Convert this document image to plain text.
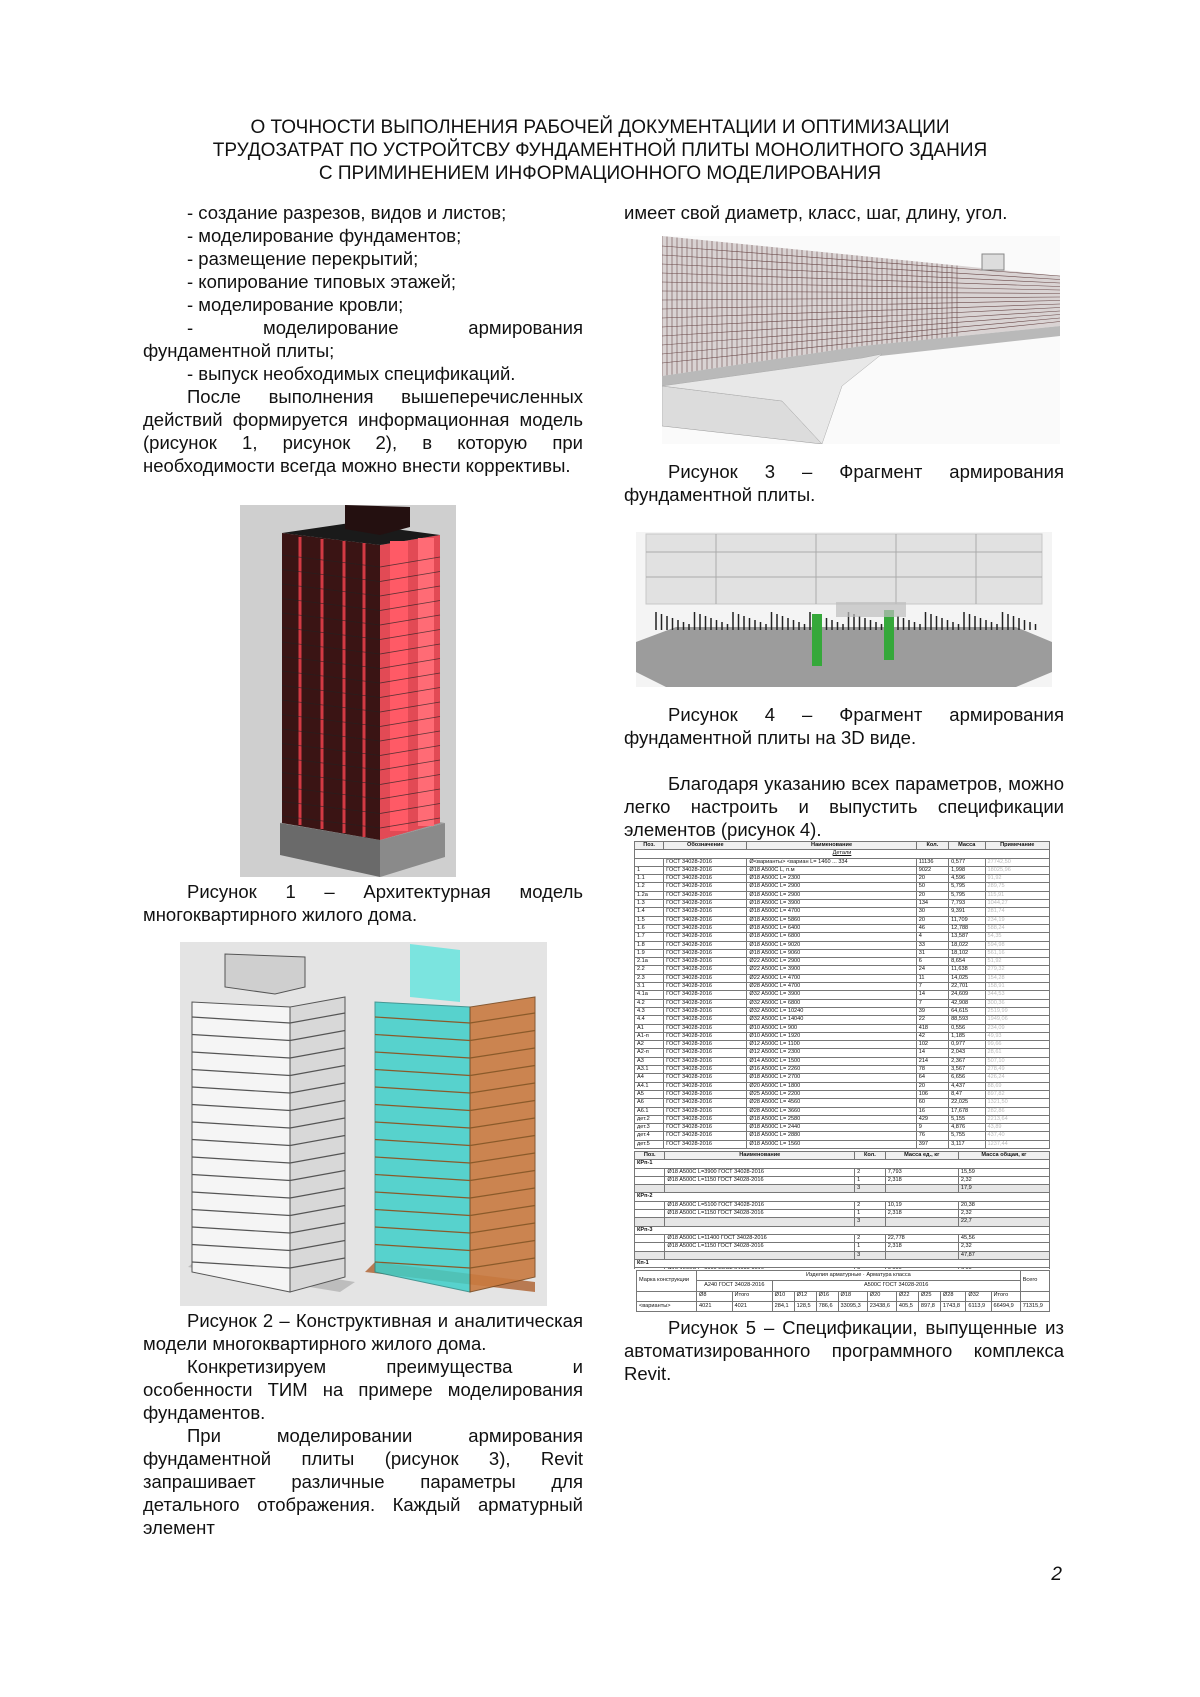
О ТОЧНОСТИ ВЫПОЛНЕНИЯ РАБОЧЕЙ ДОКУМЕНТАЦИИ И ОПТИМИЗАЦИИ
ТРУДОЗАТРАТ ПО УСТРОЙТСВУ ФУНДАМЕНТНОЙ ПЛИТЫ МОНОЛИТНОГО ЗДАНИЯ
С ПРИМИНЕНИЕМ ИНФОРМАЦИОННОГО МОДЕЛИРОВАНИЯ
- создание разрезов, видов и листов;
- моделирование фундаментов;
- размещение перекрытий;
- копирование типовых этажей;
- моделирование кровли;

- моделирование армирования фундаментной плиты;

- выпуск необходимых спецификаций.

После выполнения вышеперечисленных действий формируется информационная модель (рисунок 1, рисунок 2), в которую при необходимости всегда можно внести коррективы.

Рисунок 1 – Архитектурная модель многоквартирного жилого дома.

Рисунок 2 – Конструктивная и аналитическая модели многоквартирного жилого дома.

Конкретизируем преимущества и особенности ТИМ на примере моделирования фундаментов.

При моделировании армирования фундаментной плиты (рисунок 3), Revit запрашивает различные параметры для детального отображения. Каждый арматурный элемент

имеет свой диаметр, класс, шаг, длину, угол.

Рисунок 3 – Фрагмент армирования фундаментной плиты.

Рисунок 4 – Фрагмент армирования фундаментной плиты на 3D виде.

Благодаря указанию всех параметров, можно легко настроить и выпустить спецификации элементов (рисунок 4).

Поз.	Обозначение	Наименование	Кол.	Масса	Примечание
Детали					
	ГОСТ 34028-2016	Ø<варианты> <вариан L= 1460 ... 334	11136	0,577	27742,50
1	ГОСТ 34028-2016	Ø18 A500C L, п.м	9022	1,998	18025,96
1.1	ГОСТ 34028-2016	Ø18 A500C L= 2300	20	4,596	91,92
1.2	ГОСТ 34028-2016	Ø18 A500C L= 2900	50	5,795	289,75
1.2а	ГОСТ 34028-2016	Ø18 A500C L= 2900	20	5,795	115,91
1.3	ГОСТ 34028-2016	Ø18 A500C L= 3900	134	7,793	1044,27
1.4	ГОСТ 34028-2016	Ø18 A500C L= 4700	30	9,391	281,74
1.5	ГОСТ 34028-2016	Ø18 A500C L= 5860	20	11,709	234,19
1.6	ГОСТ 34028-2016	Ø18 A500C L= 6400	46	12,788	588,24
1.7	ГОСТ 34028-2016	Ø18 A500C L= 6800	4	13,587	54,35
1.8	ГОСТ 34028-2016	Ø18 A500C L= 9020	33	18,022	594,98
1.9	ГОСТ 34028-2016	Ø18 A500C L= 9060	31	18,102	561,16
2.1а	ГОСТ 34028-2016	Ø22 A500C L= 2900	6	8,654	51,92
2.2	ГОСТ 34028-2016	Ø22 A500C L= 3900	24	11,638	279,32
2.3	ГОСТ 34028-2016	Ø22 A500C L= 4700	11	14,025	154,28
3.1	ГОСТ 34028-2016	Ø28 A500C L= 4700	7	22,701	158,91
4.1а	ГОСТ 34028-2016	Ø32 A500C L= 3900	14	24,609	344,53
4.2	ГОСТ 34028-2016	Ø32 A500C L= 6800	7	42,908	300,36
4.3	ГОСТ 34028-2016	Ø32 A500C L= 10240	39	64,615	2519,99
4.4	ГОСТ 34028-2016	Ø32 A500C L= 14040	22	88,593	1949,06
A1	ГОСТ 34028-2016	Ø10 A500C L= 900	418	0,556	234,09
A1-п	ГОСТ 34028-2016	Ø10 A500C L= 1920	42	1,185	49,93
A2	ГОСТ 34028-2016	Ø12 A500C L= 1100	102	0,977	99,66
A2-п	ГОСТ 34028-2016	Ø12 A500C L= 2300	14	2,043	28,61
A3	ГОСТ 34028-2016	Ø14 A500C L= 1500	214	2,367	507,10
A3.1	ГОСТ 34028-2016	Ø16 A500C L= 2260	78	3,567	278,49
A4	ГОСТ 34028-2016	Ø18 A500C L= 2700	64	6,656	426,24
A4.1	ГОСТ 34028-2016	Ø20 A500C L= 1800	20	4,437	88,69
A5	ГОСТ 34028-2016	Ø25 A500C L= 2200	106	8,47	897,82
A6	ГОСТ 34028-2016	Ø28 A500C L= 4560	60	22,025	1321,50
A6.1	ГОСТ 34028-2016	Ø28 A500C L= 3660	16	17,678	282,86
дет.2	ГОСТ 34028-2016	Ø18 A500C L= 2580	429	5,155	2213,64
дет.3	ГОСТ 34028-2016	Ø18 A500C L= 2440	9	4,876	43,89
дет.4	ГОСТ 34028-2016	Ø18 A500C L= 2880	76	5,755	437,40
дет.5	ГОСТ 34028-2016	Ø18 A500C L= 1560	397	3,117	1237,44
Поз.	Наименование	Кол.	Масса ед., кг	Масса общая, кг
КРп-1				
	Ø18 A500C L=3900 ГОСТ 34028-2016	2	7,793	15,59
	Ø18 A500C L=1150 ГОСТ 34028-2016	1	2,318	2,32
		3		17,9
КРп-2				
	Ø18 A500C L=5100 ГОСТ 34028-2016	2	10,19	20,38
	Ø18 A500C L=1150 ГОСТ 34028-2016	1	2,318	2,32
		3		22,7
КРп-3				
	Ø18 A500C L=11400 ГОСТ 34028-2016	2	22,778	45,56
	Ø18 A500C L=1150 ГОСТ 34028-2016	1	2,318	2,32
		3		47,87
Кп-1				

Марка конструкции	Изделия арматурные · Арматура класса												Всего
	A240 ГОСТ 34028-2016		A500C ГОСТ 34028-2016										
	Ø8	Итого	Ø10	Ø12	Ø16	Ø18	Ø20	Ø22	Ø25	Ø28	Ø32	Итого	
<варианты>	4021	4021	284,1	128,5	786,6	33095,3	23438,6	405,5	897,8	1743,8	6113,9	66494,9	71315,9

Рисунок 5 – Спецификации, выпущенные из автоматизированного программного комплекса Revit.

2
